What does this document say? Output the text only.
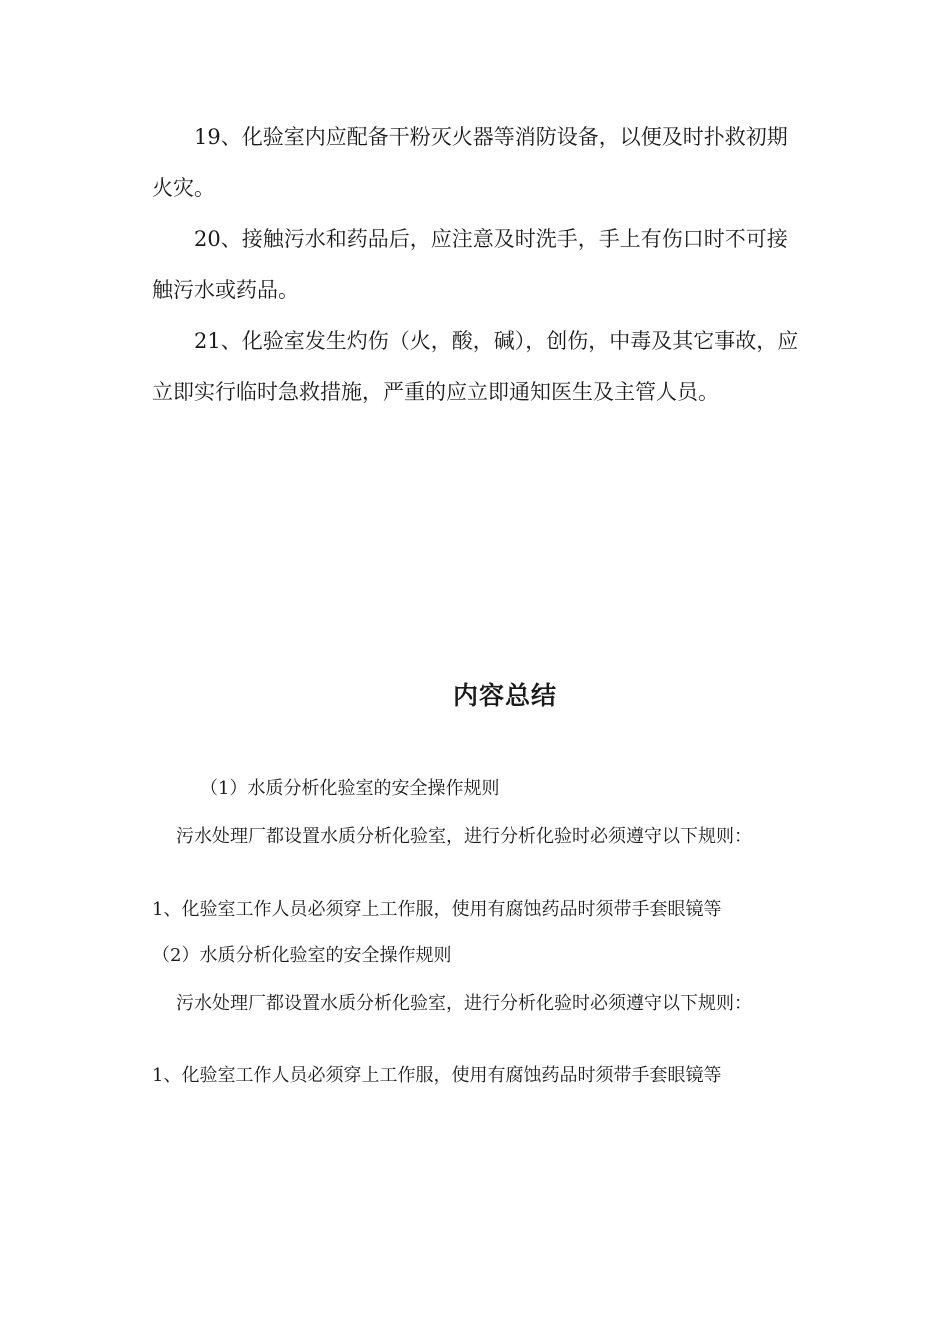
19、化验室内应配备干粉灭火器等消防设备，以便及时扑救初期火灾。

20、接触污水和药品后，应注意及时洗手，手上有伤口时不可接触污水或药品。

21、化验室发生灼伤（火，酸，碱），创伤，中毒及其它事故，应立即实行临时急救措施，严重的应立即通知医生及主管人员。

内容总结

（1）水质分析化验室的安全操作规则

污水处理厂都设置水质分析化验室，进行分析化验时必须遵守以下规则：

1、化验室工作人员必须穿上工作服，使用有腐蚀药品时须带手套眼镜等

（2）水质分析化验室的安全操作规则

污水处理厂都设置水质分析化验室，进行分析化验时必须遵守以下规则：

1、化验室工作人员必须穿上工作服，使用有腐蚀药品时须带手套眼镜等
